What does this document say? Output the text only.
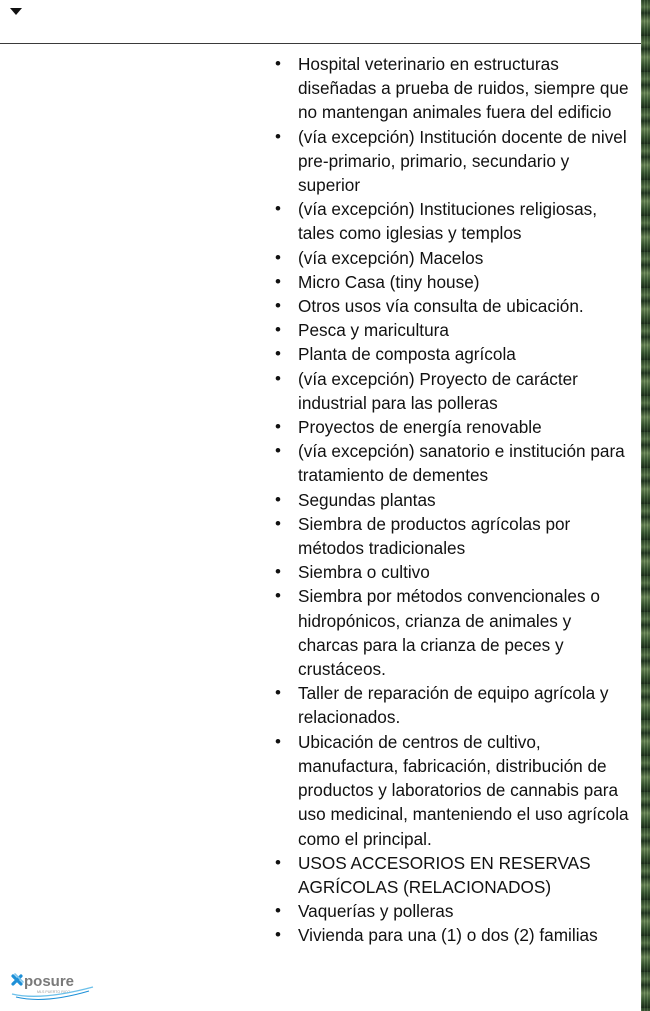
• Hospital veterinario en estructuras diseñadas a prueba de ruidos, siempre que no mantengan animales fuera del edificio
• (vía excepción) Institución docente de nivel pre-primario, primario, secundario y superior
• (vía excepción) Instituciones religiosas, tales como iglesias y templos
• (vía excepción) Macelos
• Micro Casa (tiny house)
• Otros usos vía consulta de ubicación.
• Pesca y maricultura
• Planta de composta agrícola
• (vía excepción) Proyecto de carácter industrial para las polleras
• Proyectos de energía renovable
• (vía excepción) sanatorio e institución para tratamiento de dementes
• Segundas plantas
• Siembra de productos agrícolas por métodos tradicionales
• Siembra o cultivo
• Siembra por métodos convencionales o hidropónicos, crianza de animales y charcas para la crianza de peces y crustáceos.
• Taller de reparación de equipo agrícola y relacionados.
• Ubicación de centros de cultivo, manufactura, fabricación, distribución de productos y laboratorios de cannabis para uso medicinal, manteniendo el uso agrícola como el principal.
• USOS ACCESORIOS EN RESERVAS AGRÍCOLAS (RELACIONADOS)
• Vaquerías y polleras
• Vivienda para una (1) o dos (2) familias
posure
MLS PUERTO RICO
